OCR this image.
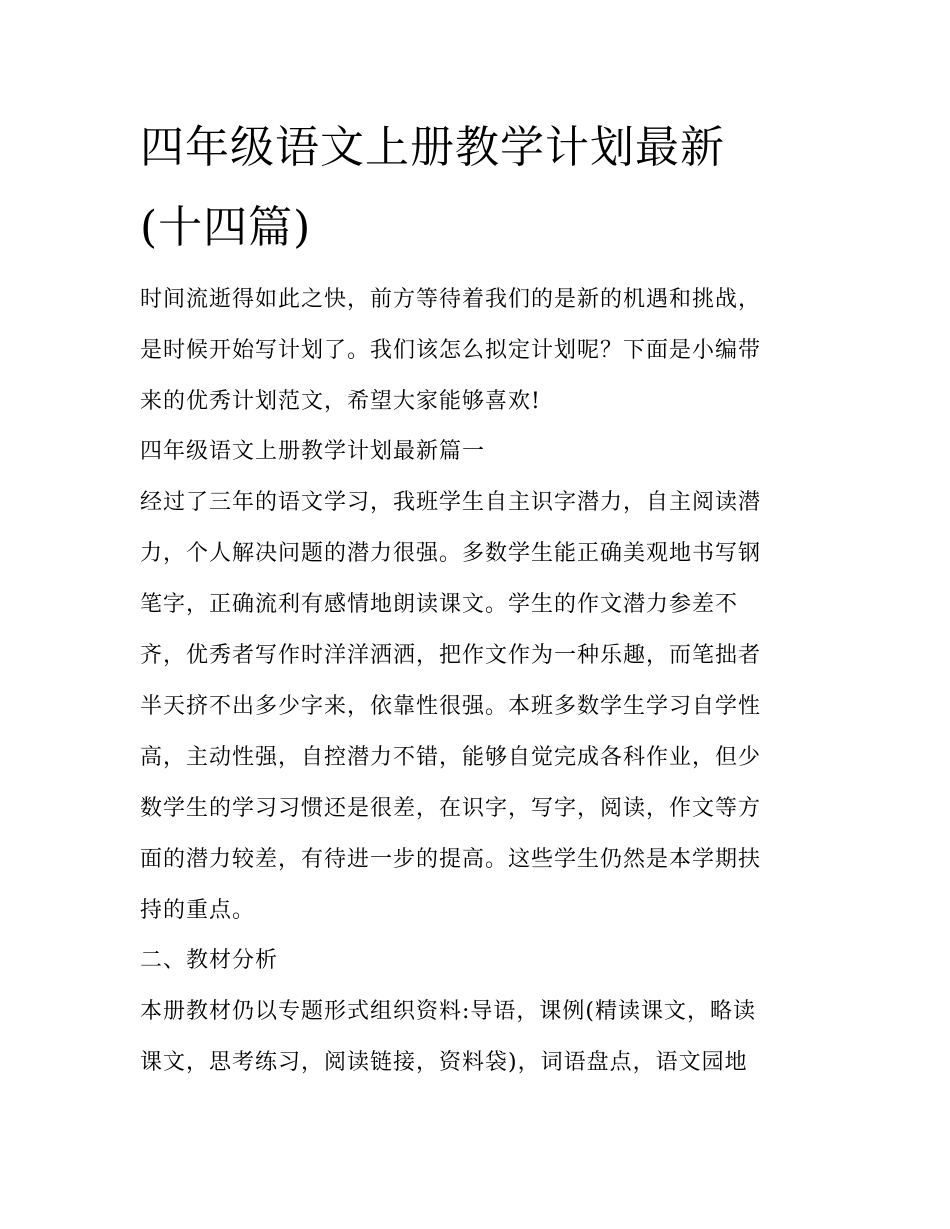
四年级语文上册教学计划最新
(十四篇)

时间流逝得如此之快，前方等待着我们的是新的机遇和挑战，

是时候开始写计划了。我们该怎么拟定计划呢？下面是小编带

来的优秀计划范文，希望大家能够喜欢!

四年级语文上册教学计划最新篇一

经过了三年的语文学习，我班学生自主识字潜力，自主阅读潜

力，个人解决问题的潜力很强。多数学生能正确美观地书写钢

笔字，正确流利有感情地朗读课文。学生的作文潜力参差不

齐，优秀者写作时洋洋洒洒，把作文作为一种乐趣，而笔拙者

半天挤不出多少字来，依靠性很强。本班多数学生学习自学性

高，主动性强，自控潜力不错，能够自觉完成各科作业，但少

数学生的学习习惯还是很差，在识字，写字，阅读，作文等方

面的潜力较差，有待进一步的提高。这些学生仍然是本学期扶

持的重点。

二、教材分析

本册教材仍以专题形式组织资料:导语，课例(精读课文，略读

课文，思考练习，阅读链接，资料袋)，词语盘点，语文园地
